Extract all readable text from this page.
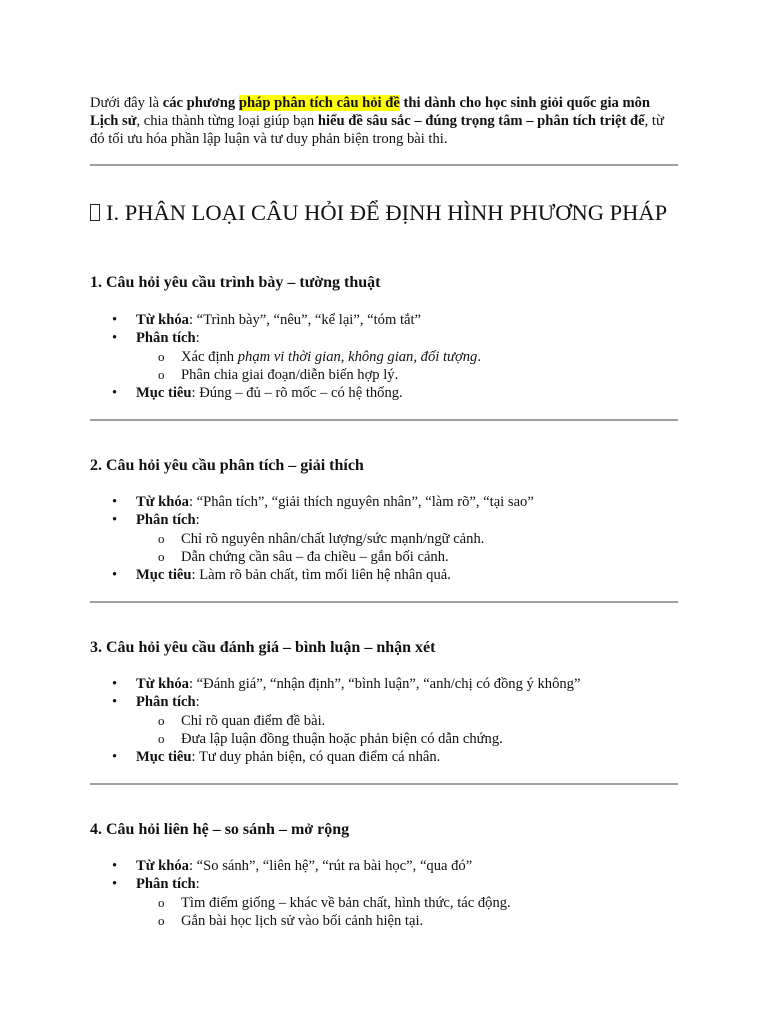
Dưới đây là các phương pháp phân tích câu hỏi đề thi dành cho học sinh giỏi quốc gia môn Lịch sử, chia thành từng loại giúp bạn hiểu đề sâu sắc – đúng trọng tâm – phân tích triệt để, từ đó tối ưu hóa phần lập luận và tư duy phản biện trong bài thi.

I. PHÂN LOẠI CÂU HỎI ĐỂ ĐỊNH HÌNH PHƯƠNG PHÁP
1. Câu hỏi yêu cầu trình bày – tường thuật
• Từ khóa: “Trình bày”, “nêu”, “kể lại”, “tóm tắt”
• Phân tích:
o Xác định phạm vi thời gian, không gian, đối tượng.
o Phân chia giai đoạn/diễn biến hợp lý.
• Mục tiêu: Đúng – đủ – rõ mốc – có hệ thống.
2. Câu hỏi yêu cầu phân tích – giải thích
• Từ khóa: “Phân tích”, “giải thích nguyên nhân”, “làm rõ”, “tại sao”
• Phân tích:
o Chỉ rõ nguyên nhân/chất lượng/sức mạnh/ngữ cảnh.
o Dẫn chứng cần sâu – đa chiều – gắn bối cảnh.
• Mục tiêu: Làm rõ bản chất, tìm mối liên hệ nhân quả.
3. Câu hỏi yêu cầu đánh giá – bình luận – nhận xét
• Từ khóa: “Đánh giá”, “nhận định”, “bình luận”, “anh/chị có đồng ý không”
• Phân tích:
o Chỉ rõ quan điểm đề bài.
o Đưa lập luận đồng thuận hoặc phản biện có dẫn chứng.
• Mục tiêu: Tư duy phản biện, có quan điểm cá nhân.
4. Câu hỏi liên hệ – so sánh – mở rộng
• Từ khóa: “So sánh”, “liên hệ”, “rút ra bài học”, “qua đó”
• Phân tích:
o Tìm điểm giống – khác về bản chất, hình thức, tác động.
o Gắn bài học lịch sử vào bối cảnh hiện tại.
